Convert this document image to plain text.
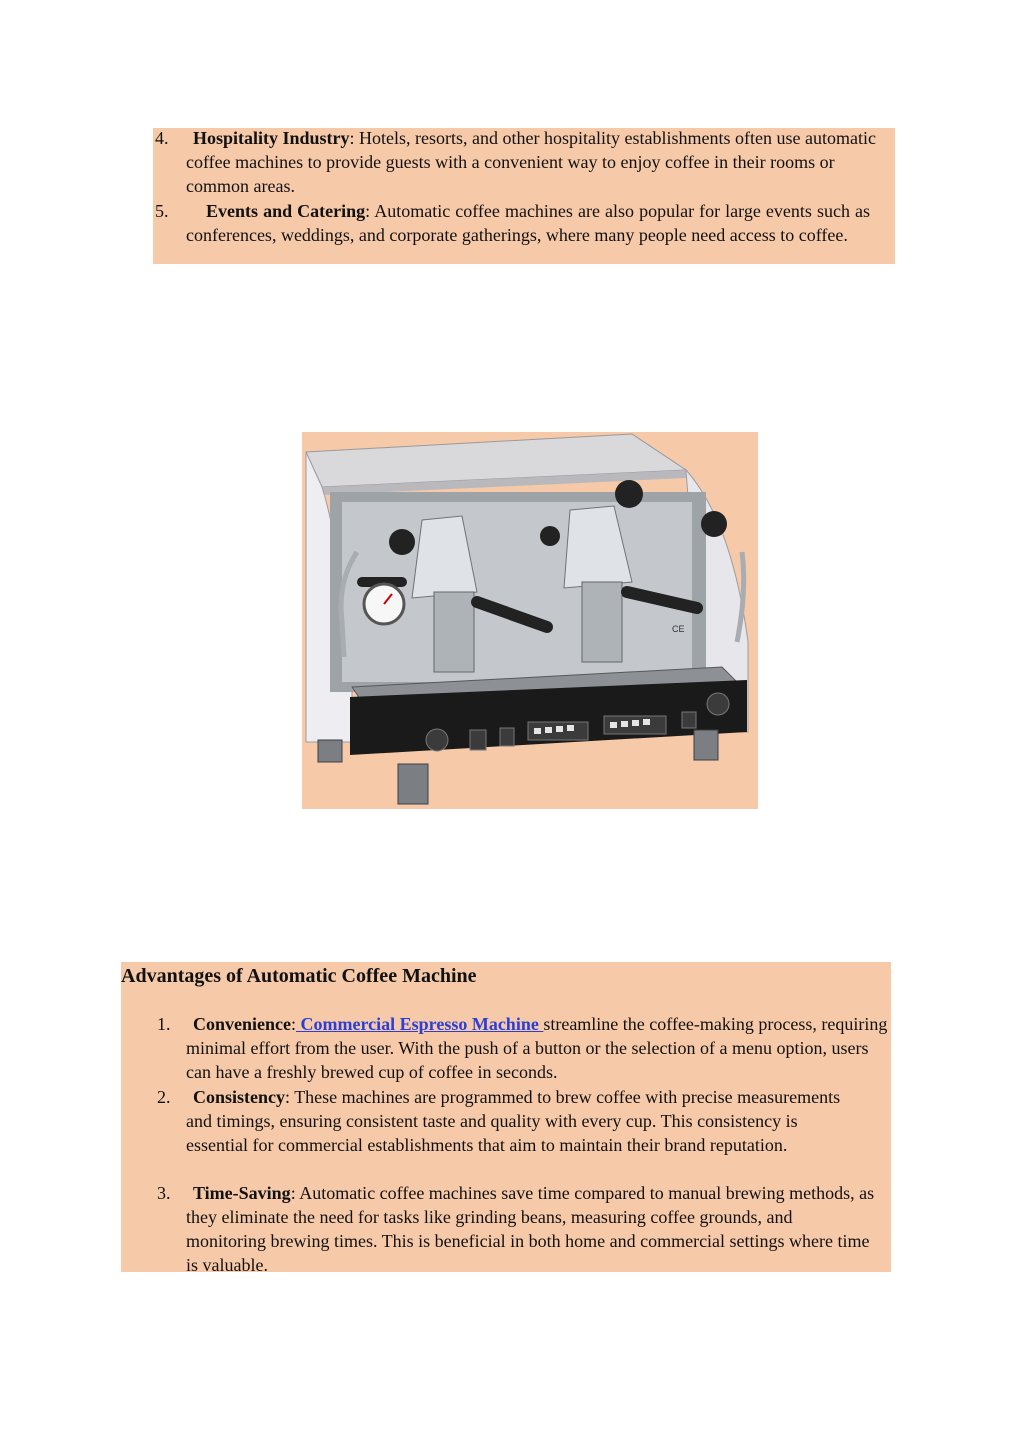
4.	Hospitality Industry: Hotels, resorts, and other hospitality establishments often use automatic coffee machines to provide guests with a convenient way to enjoy coffee in their rooms or common areas.
5.	Events and Catering: Automatic coffee machines are also popular for large events such as conferences, weddings, and corporate gatherings, where many people need access to coffee.
CE
Advantages of Automatic Coffee Machine
1.	Convenience: Commercial Espresso Machine streamline the coffee-making process, requiring minimal effort from the user. With the push of a button or the selection of a menu option, users can have a freshly brewed cup of coffee in seconds.
2.	Consistency: These machines are programmed to brew coffee with precise measurements and timings, ensuring consistent taste and quality with every cup. This consistency is essential for commercial establishments that aim to maintain their brand reputation.
3.	Time-Saving: Automatic coffee machines save time compared to manual brewing methods, as they eliminate the need for tasks like grinding beans, measuring coffee grounds, and monitoring brewing times. This is beneficial in both home and commercial settings where time is valuable.
